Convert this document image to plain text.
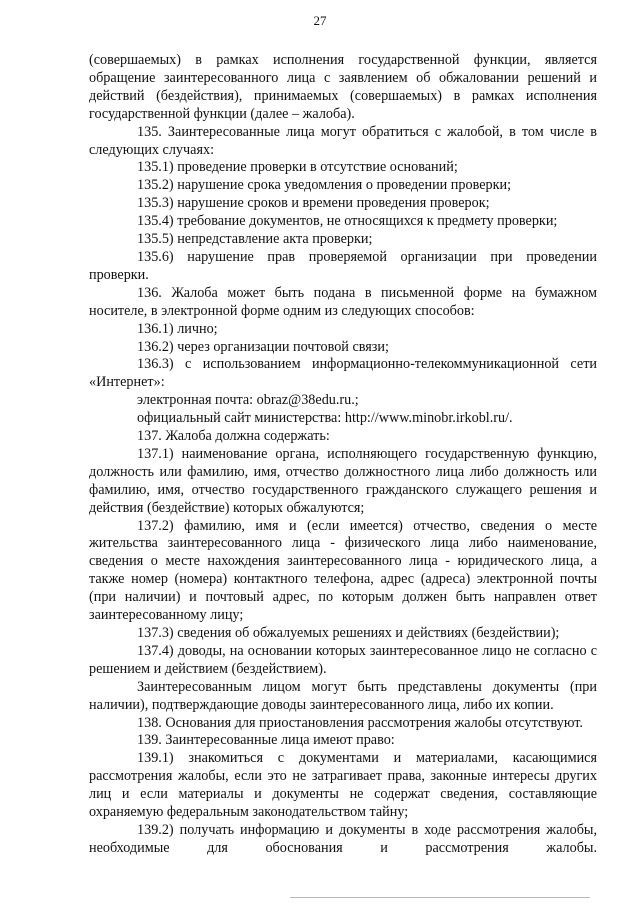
27

(совершаемых) в рамках исполнения государственной функции, является обращение заинтересованного лица с заявлением об обжаловании решений и действий (бездействия), принимаемых (совершаемых) в рамках исполнения государственной функции (далее – жалоба).

135. Заинтересованные лица могут обратиться с жалобой, в том числе в следующих случаях:

135.1) проведение проверки в отсутствие оснований;

135.2) нарушение срока уведомления о проведении проверки;

135.3) нарушение сроков и времени проведения проверок;

135.4) требование документов, не относящихся к предмету проверки;

135.5) непредставление акта проверки;

135.6) нарушение прав проверяемой организации при проведении проверки.

136. Жалоба может быть подана в письменной форме на бумажном носителе, в электронной форме одним из следующих способов:

136.1) лично;

136.2) через организации почтовой связи;

136.3) с использованием информационно-телекоммуникационной сети «Интернет»:

электронная почта: obraz@38edu.ru.;

официальный сайт министерства: http://www.minobr.irkobl.ru/.

137. Жалоба должна содержать:

137.1) наименование органа, исполняющего государственную функцию, должность или фамилию, имя, отчество должностного лица либо должность или фамилию, имя, отчество государственного гражданского служащего решения и действия (бездействие) которых обжалуются;

137.2) фамилию, имя и (если имеется) отчество, сведения о месте жительства заинтересованного лица - физического лица либо наименование, сведения о месте нахождения заинтересованного лица - юридического лица, а также номер (номера) контактного телефона, адрес (адреса) электронной почты (при наличии) и почтовый адрес, по которым должен быть направлен ответ заинтересованному лицу;

137.3) сведения об обжалуемых решениях и действиях (бездействии);

137.4) доводы, на основании которых заинтересованное лицо не согласно с решением и действием (бездействием).

Заинтересованным лицом могут быть представлены документы (при наличии), подтверждающие доводы заинтересованного лица, либо их копии.

138. Основания для приостановления рассмотрения жалобы отсутствуют.

139. Заинтересованные лица имеют право:

139.1) знакомиться с документами и материалами, касающимися рассмотрения жалобы, если это не затрагивает права, законные интересы других лиц и если материалы и документы не содержат сведения, составляющие охраняемую федеральным законодательством тайну;

139.2) получать информацию и документы в ходе рассмотрения жалобы, необходимые для обоснования и рассмотрения жалобы.
